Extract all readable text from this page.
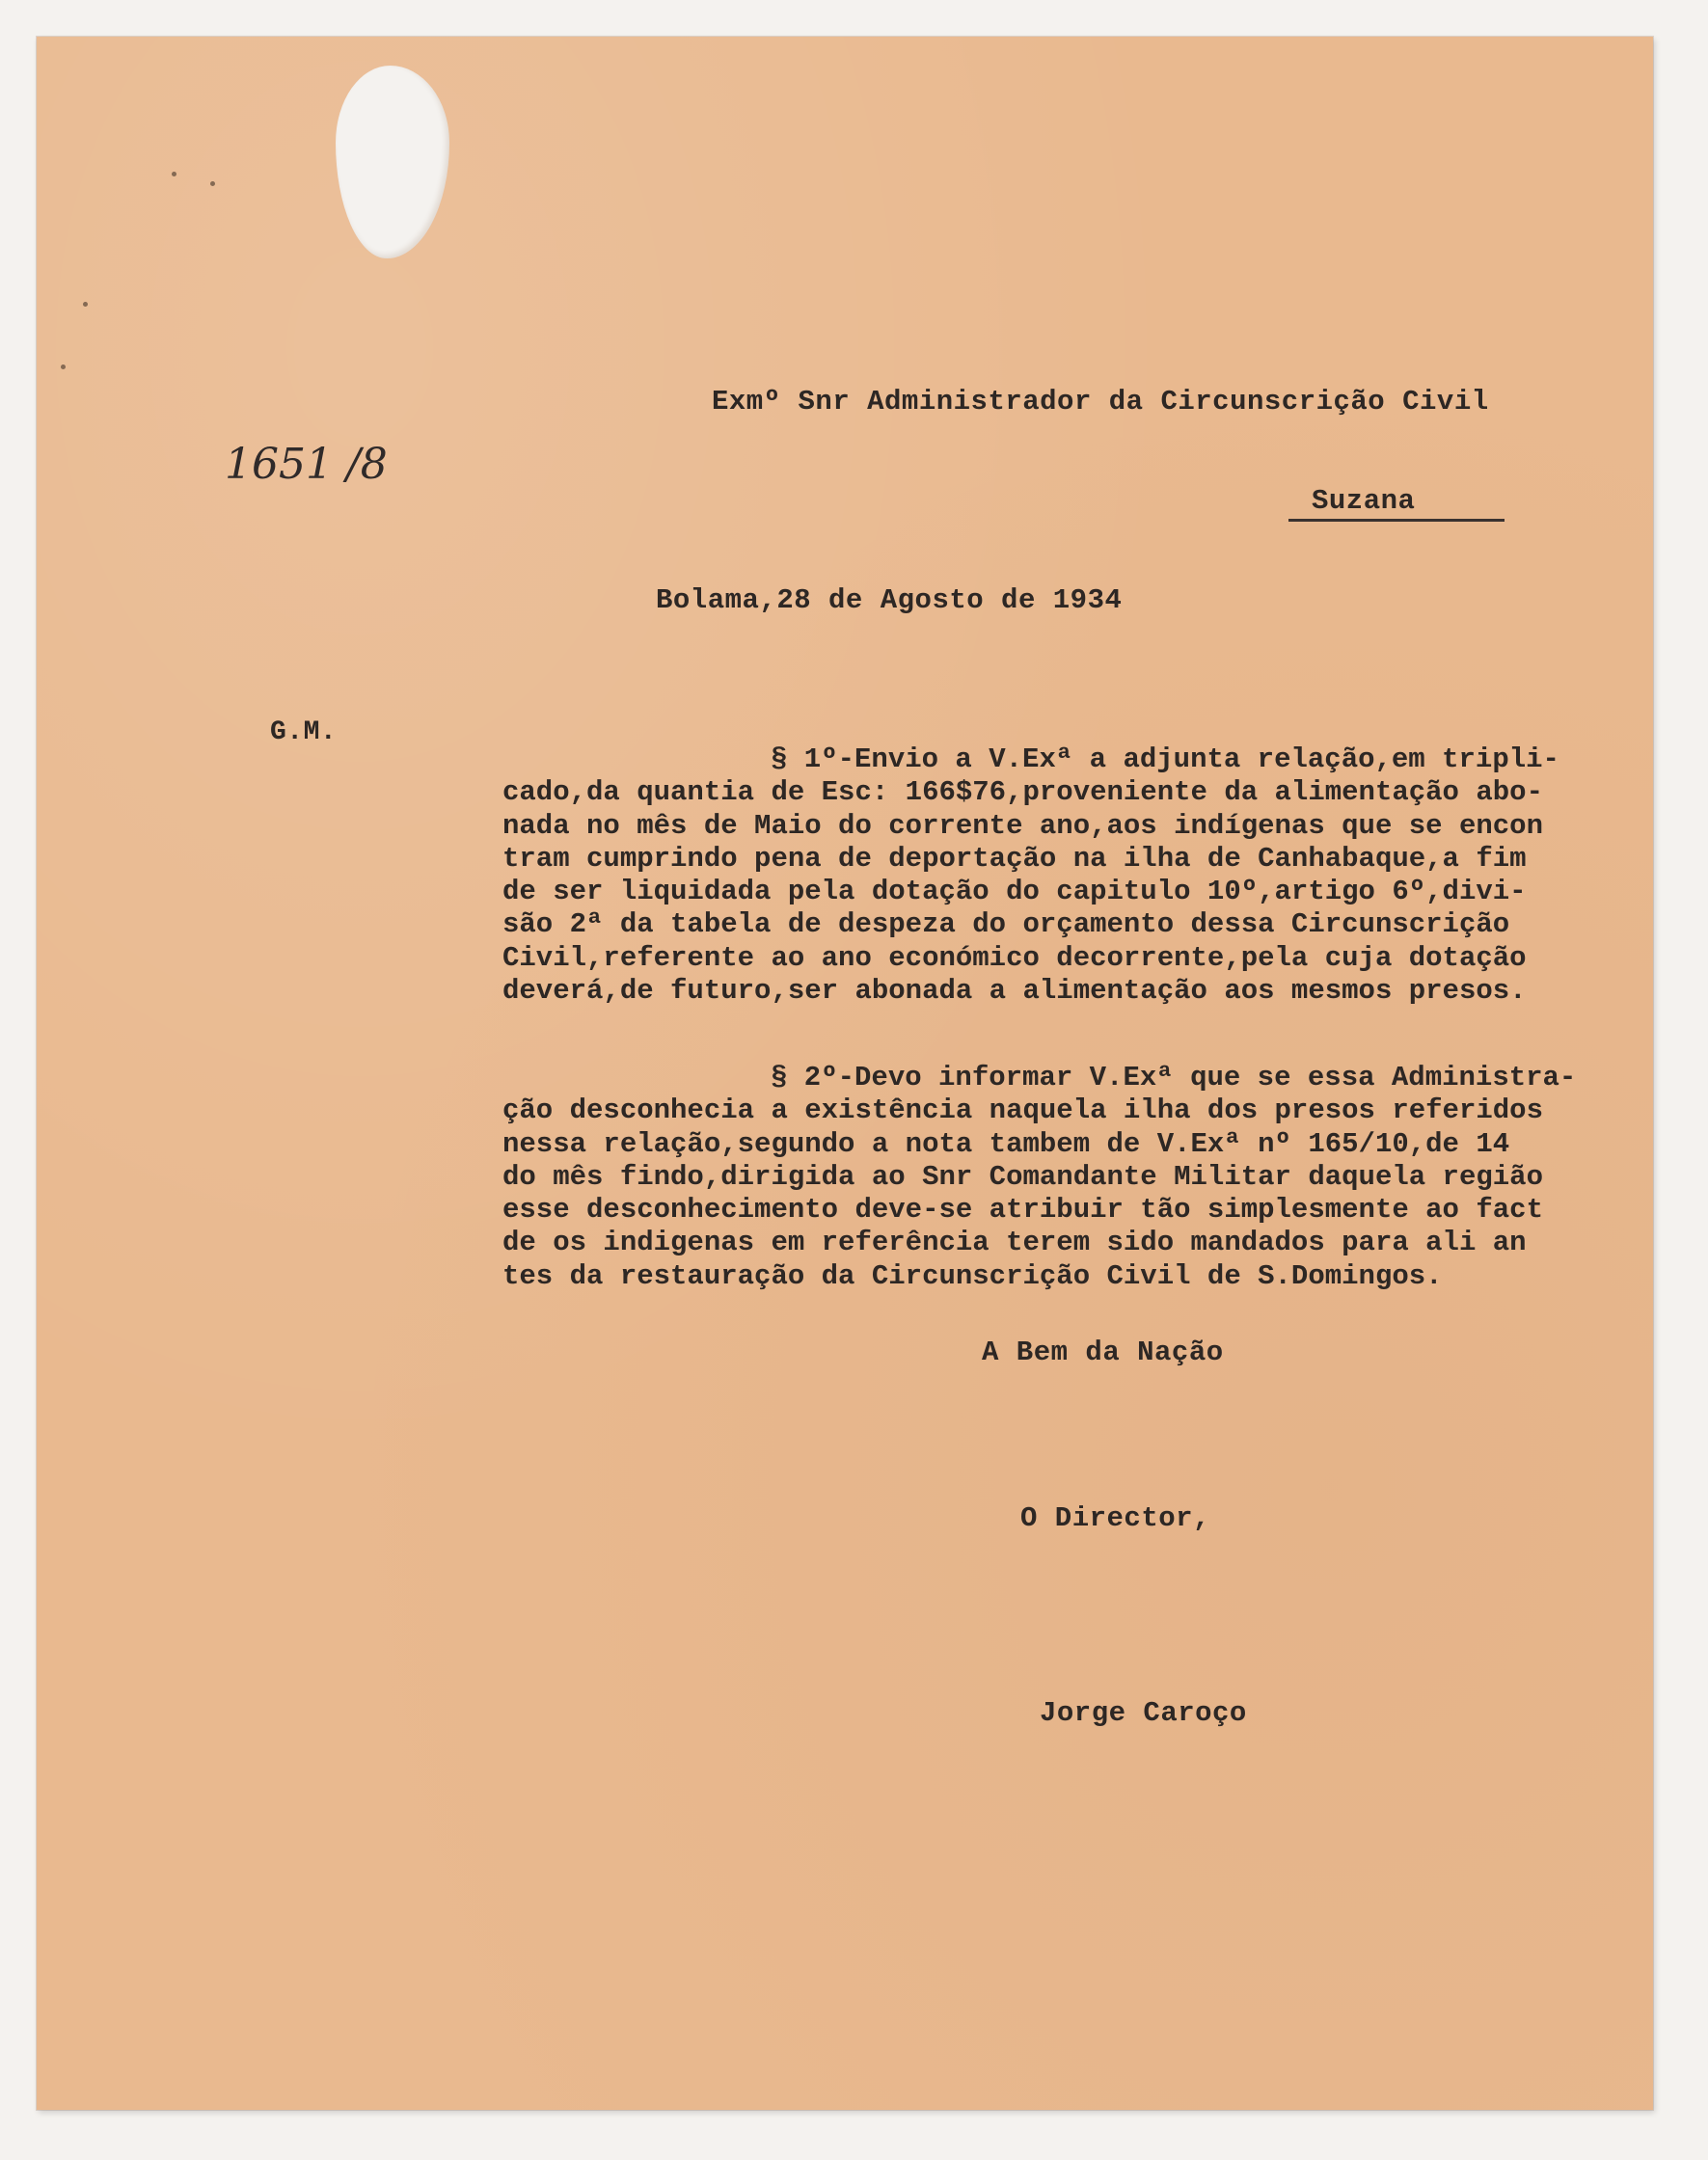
Exmº Snr Administrador da Circunscrição Civil

1651 /8

Suzana

Bolama,28 de Agosto de 1934

G.M.

§ 1º-Envio a V.Exª a adjunta relação,em tripli-
cado,da quantia de Esc: 166$76,proveniente da alimentação abo-
nada no mês de Maio do corrente ano,aos indígenas que se encon
tram cumprindo pena de deportação na ilha de Canhabaque,a fim
de ser liquidada pela dotação do capitulo 10º,artigo 6º,divi-
são 2ª da tabela de despeza do orçamento dessa Circunscrição
Civil,referente ao ano económico decorrente,pela cuja dotação
deverá,de futuro,ser abonada a alimentação aos mesmos presos.
§ 2º-Devo informar V.Exª que se essa Administra-
ção desconhecia a existência naquela ilha dos presos referidos
nessa relação,segundo a nota tambem de V.Exª nº 165/10,de 14
do mês findo,dirigida ao Snr Comandante Militar daquela região
esse desconhecimento deve-se atribuir tão simplesmente ao fact
de os indigenas em referência terem sido mandados para ali an
tes da restauração da Circunscrição Civil de S.Domingos.

A Bem da Nação

O Director,

Jorge Caroço
